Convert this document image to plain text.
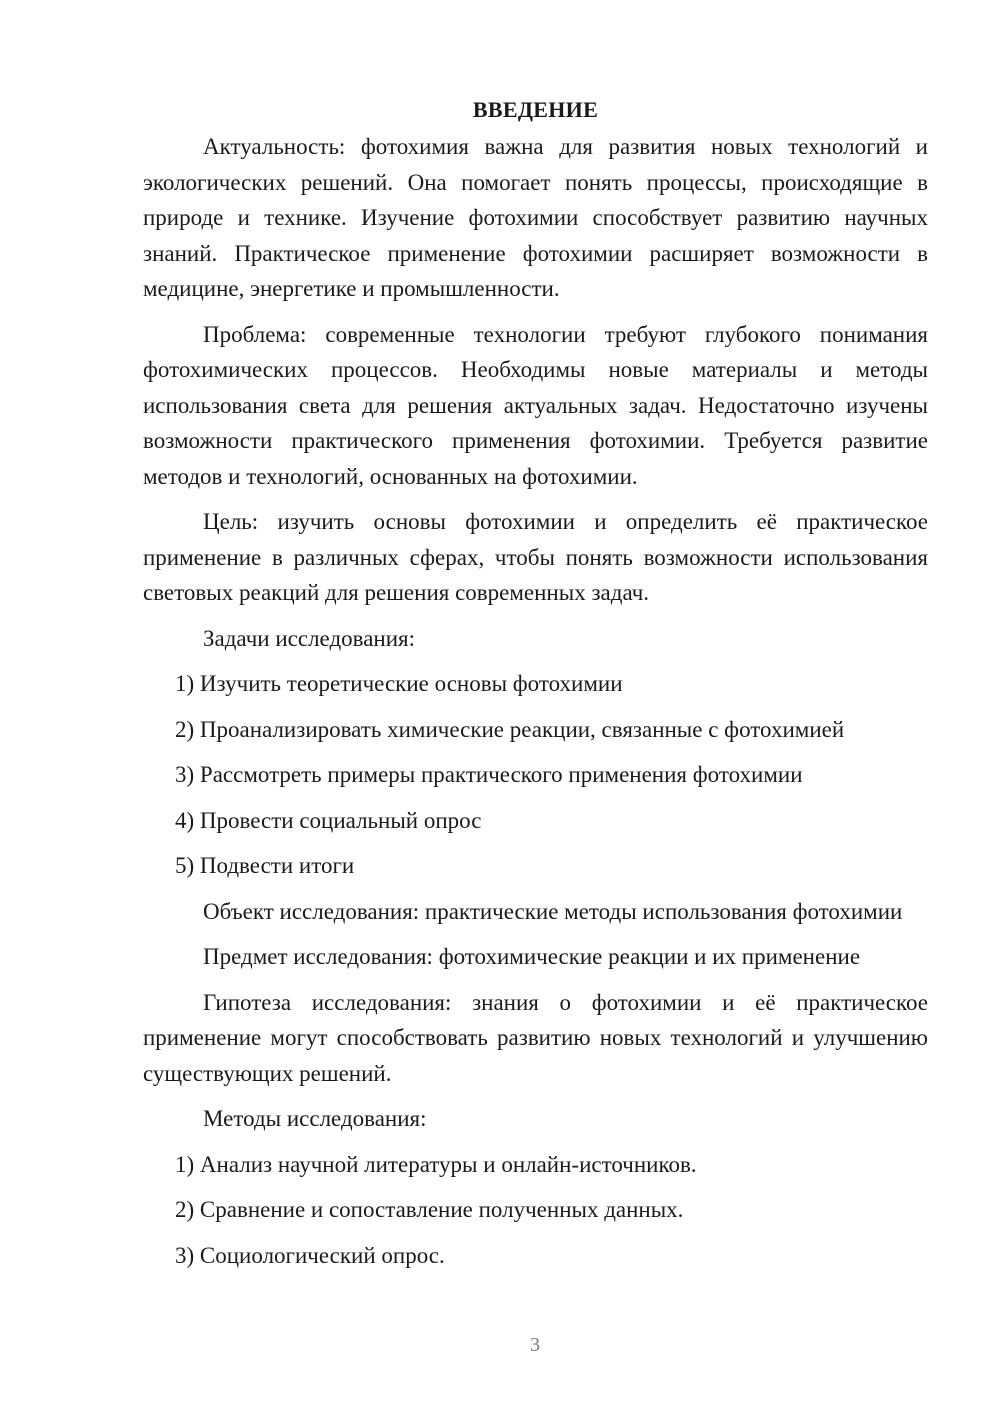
ВВЕДЕНИЕ

Актуальность: фотохимия важна для развития новых технологий и экологических решений. Она помогает понять процессы, происходящие в природе и технике. Изучение фотохимии способствует развитию научных знаний. Практическое применение фотохимии расширяет возможности в медицине, энергетике и промышленности.

Проблема: современные технологии требуют глубокого понимания фотохимических процессов. Необходимы новые материалы и методы использования света для решения актуальных задач. Недостаточно изучены возможности практического применения фотохимии. Требуется развитие методов и технологий, основанных на фотохимии.

Цель: изучить основы фотохимии и определить её практическое применение в различных сферах, чтобы понять возможности использования световых реакций для решения современных задач.

Задачи исследования:

1) Изучить теоретические основы фотохимии
2) Проанализировать химические реакции, связанные с фотохимией
3) Рассмотреть примеры практического применения фотохимии
4) Провести социальный опрос
5) Подвести итоги

Объект исследования: практические методы использования фотохимии

Предмет исследования: фотохимические реакции и их применение

Гипотеза исследования: знания о фотохимии и её практическое применение могут способствовать развитию новых технологий и улучшению существующих решений.

Методы исследования:

1) Анализ научной литературы и онлайн-источников.
2) Сравнение и сопоставление полученных данных.
3) Социологический опрос.
3
